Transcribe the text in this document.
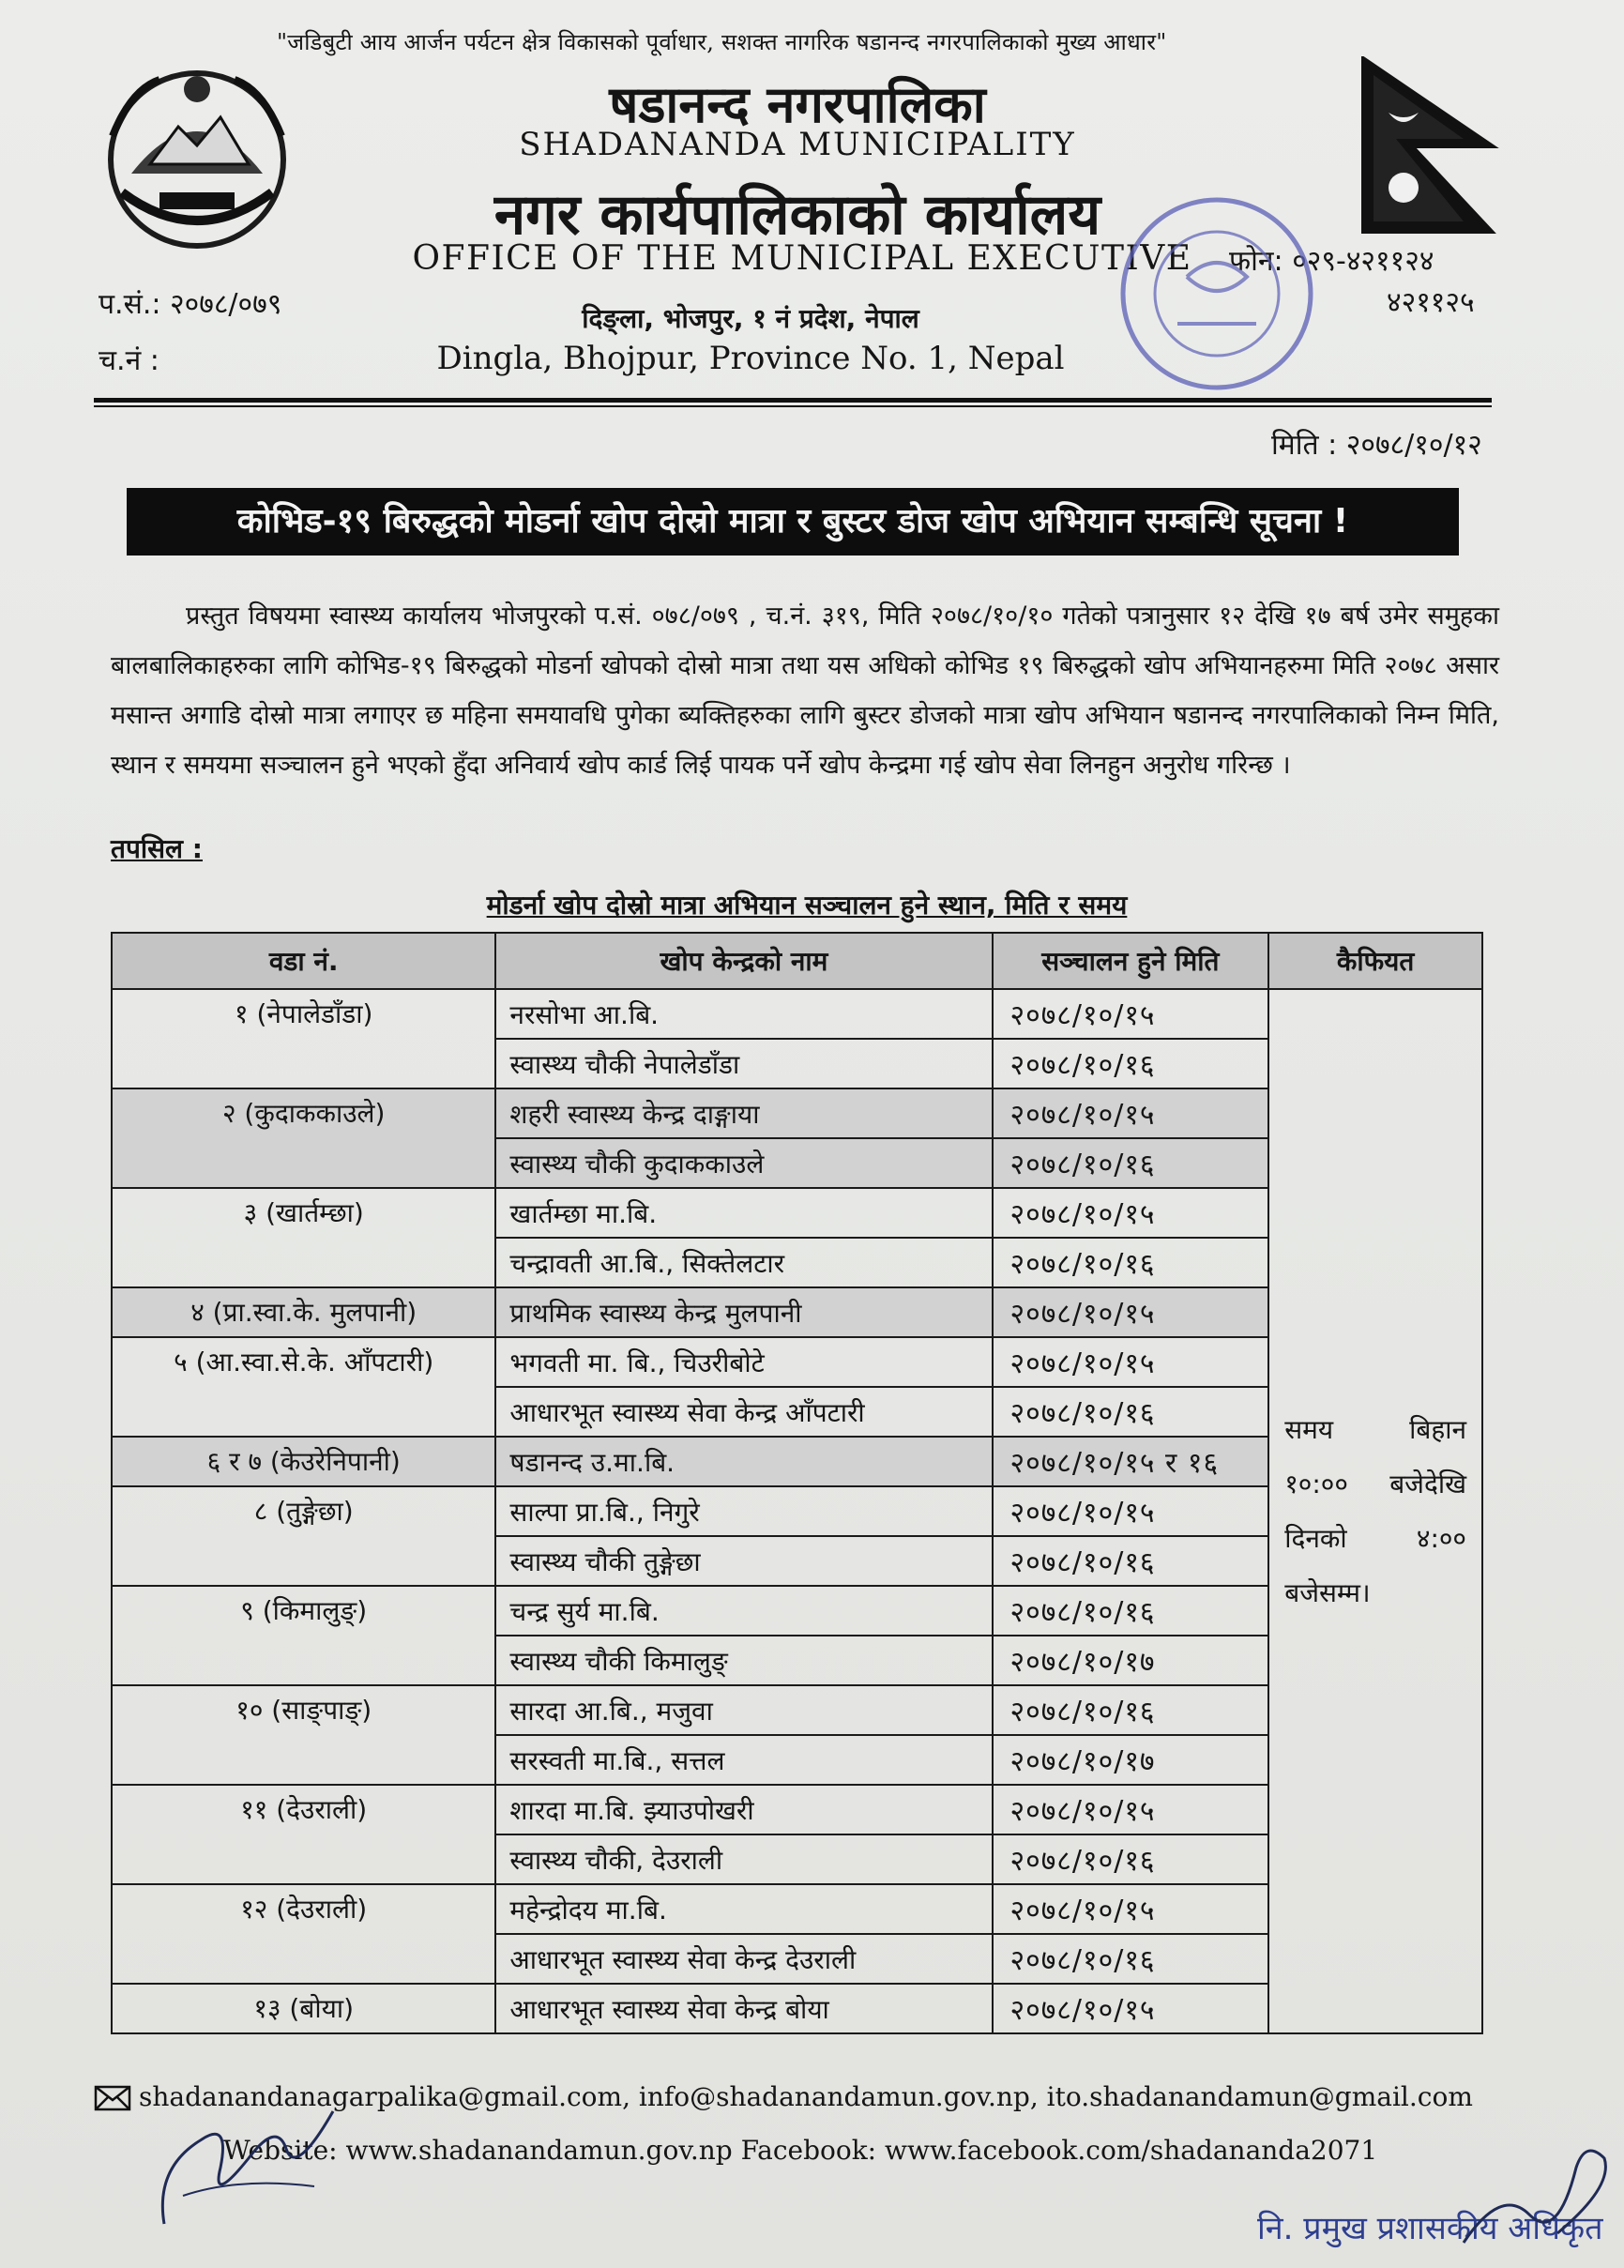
"जडिबुटी आय आर्जन पर्यटन क्षेत्र विकासको पूर्वाधार, सशक्त नागरिक षडानन्द नगरपालिकाको मुख्य आधार"
षडानन्द नगरपालिका
SHADANANDA MUNICIPALITY
नगर कार्यपालिकाको कार्यालय
OFFICE OF THE MUNICIPAL EXECUTIVE
दिङ्ला, भोजपुर, १ नं प्रदेश, नेपाल
Dingla, Bhojpur, Province No. 1, Nepal
प.सं.: २०७८/०७९
च.नं :
फोन: ०२९-४२११२४
४२११२५
मिति : २०७८/१०/१२
कोभिड-१९ बिरुद्धको मोडर्ना खोप दोस्रो मात्रा र बुस्टर डोज खोप अभियान सम्बन्धि सूचना !
प्रस्तुत विषयमा स्वास्थ्य कार्यालय भोजपुरको प.सं. ०७८/०७९ , च.नं. ३१९, मिति २०७८/१०/१० गतेको पत्रानुसार १२ देखि १७ बर्ष उमेर समुहका बालबालिकाहरुका लागि कोभिड-१९ बिरुद्धको मोडर्ना खोपको दोस्रो मात्रा तथा यस अधिको कोभिड १९ बिरुद्धको खोप अभियानहरुमा मिति २०७८ असार मसान्त अगाडि दोस्रो मात्रा लगाएर छ महिना समयावधि पुगेका ब्यक्तिहरुका लागि बुस्टर डोजको मात्रा खोप अभियान षडानन्द नगरपालिकाको निम्न मिति, स्थान र समयमा सञ्चालन हुने भएको हुँदा अनिवार्य खोप कार्ड लिई पायक पर्ने खोप केन्द्रमा गई खोप सेवा लिनहुन अनुरोध गरिन्छ ।
तपसिल :
मोडर्ना खोप दोस्रो मात्रा अभियान सञ्चालन हुने स्थान, मिति र समय
वडा नं.	खोप केन्द्रको नाम	सञ्चालन हुने मिति	कैफियत
१ (नेपालेडाँडा)	नरसोभा आ.बि.	२०७८/१०/१५	समय बिहान १०:०० बजेदेखि दिनको ४:०० बजेसम्म।
	स्वास्थ्य चौकी नेपालेडाँडा	२०७८/१०/१६	
२ (कुदाककाउले)	शहरी स्वास्थ्य केन्द्र दाङ्गाया	२०७८/१०/१५	
	स्वास्थ्य चौकी कुदाककाउले	२०७८/१०/१६	
३ (खार्तम्छा)	खार्तम्छा मा.बि.	२०७८/१०/१५	
	चन्द्रावती आ.बि., सिक्तेलटार	२०७८/१०/१६	
४ (प्रा.स्वा.के. मुलपानी)	प्राथमिक स्वास्थ्य केन्द्र मुलपानी	२०७८/१०/१५	
५ (आ.स्वा.से.के. आँपटारी)	भगवती मा. बि., चिउरीबोटे	२०७८/१०/१५	
	आधारभूत स्वास्थ्य सेवा केन्द्र आँपटारी	२०७८/१०/१६	
६ र ७ (केउरेनिपानी)	षडानन्द उ.मा.बि.	२०७८/१०/१५ र १६	
८ (तुङ्गेछा)	साल्पा प्रा.बि., निगुरे	२०७८/१०/१५	
	स्वास्थ्य चौकी तुङ्गेछा	२०७८/१०/१६	
९ (किमालुङ्)	चन्द्र सुर्य मा.बि.	२०७८/१०/१६	
	स्वास्थ्य चौकी किमालुङ्	२०७८/१०/१७	
१० (साङ्पाङ्)	सारदा आ.बि., मजुवा	२०७८/१०/१६	
	सरस्वती मा.बि., सत्तल	२०७८/१०/१७	
११ (देउराली)	शारदा मा.बि. झ्याउपोखरी	२०७८/१०/१५	
	स्वास्थ्य चौकी, देउराली	२०७८/१०/१६	
१२ (देउराली)	महेन्द्रोदय मा.बि.	२०७८/१०/१५	
	आधारभूत स्वास्थ्य सेवा केन्द्र देउराली	२०७८/१०/१६	
१३ (बोया)	आधारभूत स्वास्थ्य सेवा केन्द्र बोया	२०७८/१०/१५	
shadanandanagarpalika@gmail.com, info@shadanandamun.gov.np, ito.shadanandamun@gmail.com
Website: www.shadanandamun.gov.np Facebook: www.facebook.com/shadananda2071
नि. प्रमुख प्रशासकीय अधिकृत
